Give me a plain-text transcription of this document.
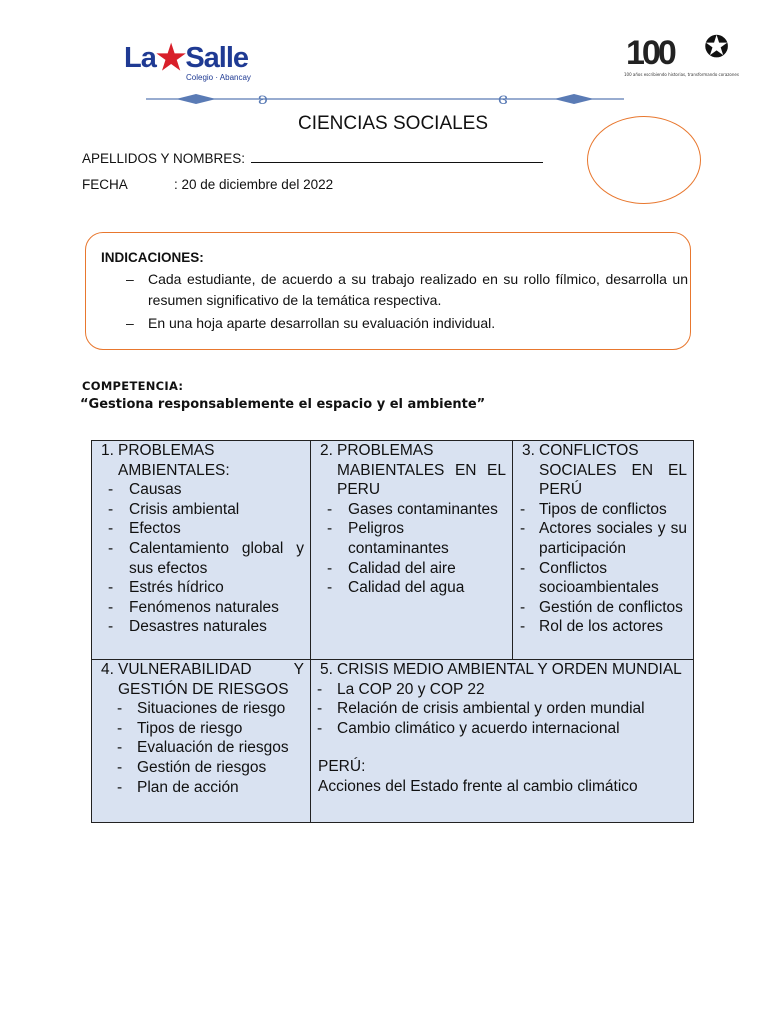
La★Salle
Colegio · Abancay
100 ✪
100 años escribiendo historias, transformando corazones
ʚ	ɞ
CIENCIAS SOCIALES
APELLIDOS Y NOMBRES:
FECHA	: 20 de diciembre del 2022
INDICACIONES:
– Cada estudiante, de acuerdo a su trabajo realizado en su rollo fílmico, desarrolla un resumen significativo de la temática respectiva.
– En una hoja aparte desarrollan su evaluación individual.
COMPETENCIA:
“Gestiona responsablemente el espacio y el ambiente”
1. PROBLEMAS AMBIENTALES:
- Causas
- Crisis ambiental
- Efectos
- Calentamiento global y sus efectos
- Estrés hídrico
- Fenómenos naturales
- Desastres naturales
2. PROBLEMAS MABIENTALES EN EL PERU
- Gases contaminantes
- Peligros contaminantes
- Calidad del aire
- Calidad del agua
3. CONFLICTOS SOCIALES EN EL PERÚ
- Tipos de conflictos
- Actores sociales y su participación
- Conflictos socioambientales
- Gestión de conflictos
- Rol de los actores
4. VULNERABILIDAD Y GESTIÓN DE RIESGOS
- Situaciones de riesgo
- Tipos de riesgo
- Evaluación de riesgos
- Gestión de riesgos
- Plan de acción
5. CRISIS MEDIO AMBIENTAL Y ORDEN MUNDIAL
- La COP 20 y COP 22
- Relación de crisis ambiental y orden mundial
- Cambio climático y acuerdo internacional
PERÚ:
Acciones del Estado frente al cambio climático
